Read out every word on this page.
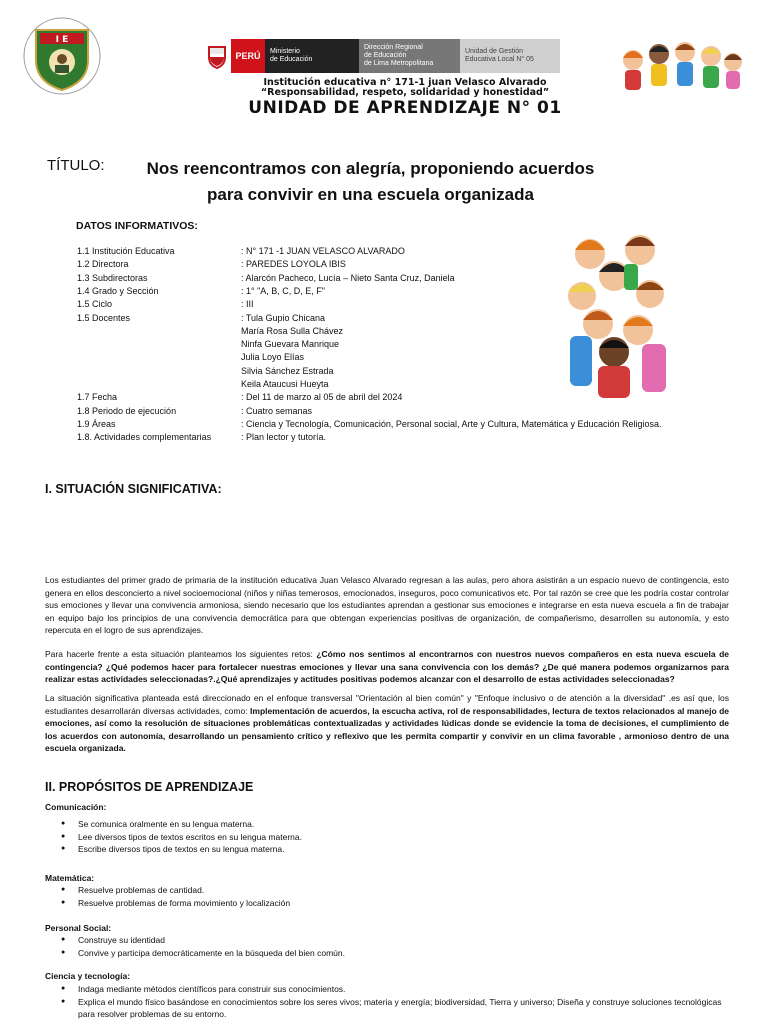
I E
PERÚ	Ministerio
de Educación
Dirección Regional
de Educación
de Lima Metropolitana
Unidad de Gestión
Educativa Local N° 05
Institución educativa n° 171-1 juan Velasco Alvarado
“Responsabilidad, respeto, solidaridad y honestidad”
UNIDAD DE APRENDIZAJE N° 01
TÍTULO:	Nos reencontramos con alegría, proponiendo acuerdos
para convivir en una escuela organizada
DATOS INFORMATIVOS:
1.1 Institución Educativa	: N° 171 -1 JUAN VELASCO ALVARADO
1.2 Directora	: PAREDES LOYOLA IBIS
1.3 Subdirectoras	: Alarcón Pacheco, Lucía – Nieto Santa Cruz, Daniela
1.4 Grado y Sección	: 1° "A, B, C, D, E, F"
1.5 Ciclo	: III
1.5 Docentes	: Tula Gupio Chicana
María Rosa Sulla Chávez
Ninfa Guevara Manrique
Julia Loyo Elías
Silvia Sánchez Estrada
Keila Ataucusi Hueyta
1.7 Fecha	: Del 11 de marzo al 05 de abril del 2024
1.8 Periodo de ejecución	: Cuatro semanas
1.9 Áreas	: Ciencia y Tecnología, Comunicación, Personal social, Arte y Cultura, Matemática y Educación Religiosa.
1.8. Actividades complementarias	: Plan lector y tutoría.
I. SITUACIÓN SIGNIFICATIVA:
Los estudiantes del primer grado de primaria de la institución educativa Juan Velasco Alvarado regresan a las aulas, pero ahora asistirán a un espacio nuevo de contingencia, esto genera en ellos desconcierto a nivel socioemocional (niños y niñas temerosos, emocionados, inseguros, poco comunicativos etc. Por tal razón se cree que les podría costar controlar sus emociones y llevar una convivencia armoniosa, siendo necesario que los estudiantes aprendan a gestionar sus emociones e integrarse en esta nueva escuela a fin de trabajar en equipo bajo los principios de una convivencia democrática para que obtengan experiencias positivas de organización, de compañerismo, desarrollen su autonomía, y esto repercuta en el logro de sus aprendizajes.
Para hacerle frente a esta situación planteamos los siguientes retos: ¿Cómo nos sentimos al encontrarnos con nuestros nuevos compañeros en esta nueva escuela de contingencia? ¿Qué podemos hacer para fortalecer nuestras emociones y llevar una sana convivencia con los demás? ¿De qué manera podemos organizarnos para realizar estas actividades seleccionadas?.¿Qué aprendizajes y actitudes positivas podemos alcanzar con el desarrollo de estas actividades seleccionadas?
La situación significativa planteada está direccionado en el enfoque transversal "Orientación al bien común" y "Enfoque inclusivo o de atención a la diversidad" .es así que, los estudiantes desarrollarán diversas actividades, como: Implementación de acuerdos, la escucha activa, rol de responsabilidades, lectura de textos relacionados al manejo de emociones, así como la resolución de situaciones problemáticas contextualizadas y actividades lúdicas donde se evidencie la toma de decisiones, el cumplimiento de los acuerdos con autonomía, desarrollando un pensamiento crítico y reflexivo que les permita compartir y convivir en un clima favorable , armonioso dentro de una escuela organizada.
II. PROPÓSITOS DE APRENDIZAJE
Comunicación:
● Se comunica oralmente en su lengua materna.
● Lee diversos tipos de textos escritos en su lengua materna.
● Escribe diversos tipos de textos en su lengua materna.
Matemática:
● Resuelve problemas de cantidad.
● Resuelve problemas de forma movimiento y localización
Personal Social:
● Construye su identidad
● Convive y participa democráticamente en la búsqueda del bien común.
Ciencia y tecnología:
● Indaga mediante métodos científicos para construir sus conocimientos.
● Explica el mundo físico basándose en conocimientos sobre los seres vivos; materia y energía; biodiversidad, Tierra y universo; Diseña y construye soluciones tecnológicas para resolver problemas de su entorno.
